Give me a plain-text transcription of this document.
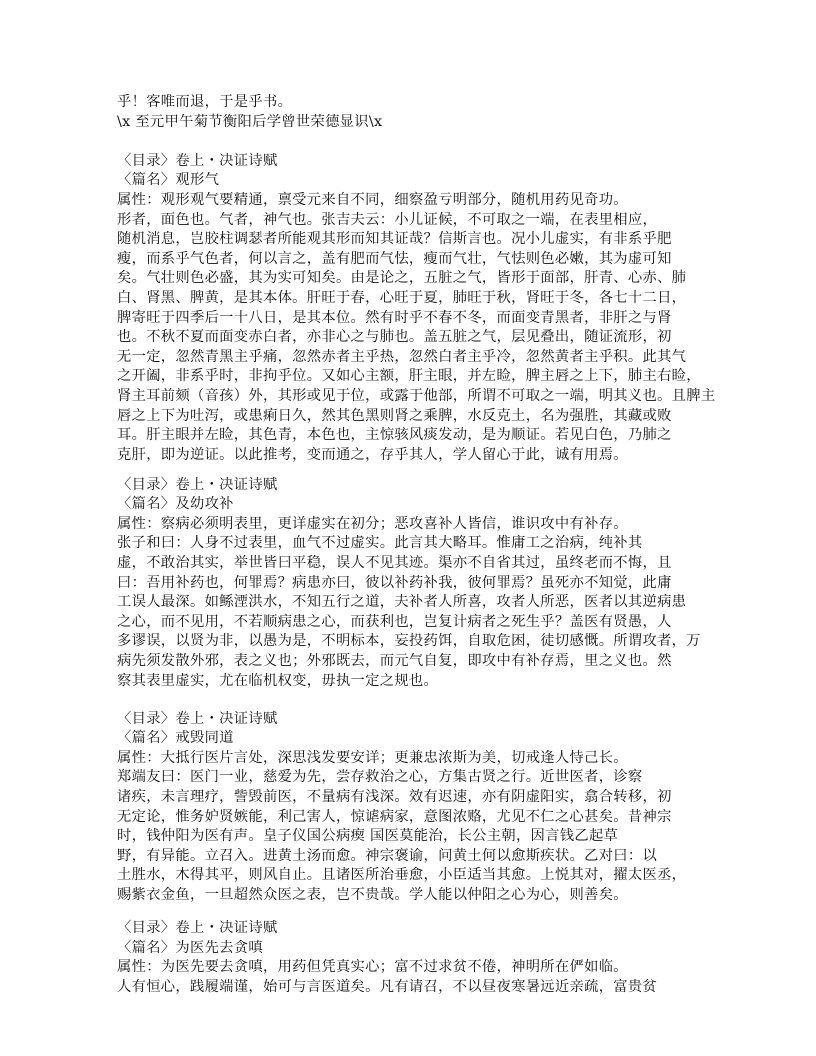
乎！客唯而退，于是乎书。
\x 至元甲午菊节衡阳后学曾世荣德显识\x
〈目录〉卷上・决证诗赋
〈篇名〉观形气
属性：观形观气要精通，禀受元来自不同，细察盈亏明部分，随机用药见奇功。
形者，面色也。气者，神气也。张吉夫云：小儿证候，不可取之一端，在表里相应，
随机消息，岂胶柱调瑟者所能观其形而知其证哉？信斯言也。况小儿虚实，有非系乎肥
瘦，而系乎气色者，何以言之，盖有肥而气怯，瘦而气壮，气怯则色必嫩，其为虚可知
矣。气壮则色必盛，其为实可知矣。由是论之，五脏之气，皆形于面部，肝青、心赤、肺
白、肾黑、脾黄，是其本体。肝旺于春，心旺于夏，肺旺于秋，肾旺于冬，各七十二日，
脾寄旺于四季后一十八日，是其本位。然有时乎不春不冬，而面变青黑者，非肝之与肾
也。不秋不夏而面变赤白者，亦非心之与肺也。盖五脏之气，层见叠出，随证流形，初
无一定，忽然青黑主乎痛，忽然赤者主乎热，忽然白者主乎冷，忽然黄者主乎积。此其气
之开阖，非系乎时，非拘乎位。又如心主额，肝主眼，并左睑，脾主唇之上下，肺主右睑，
肾主耳前颏（音孩）外，其形或见于位，或露于他部，所谓不可取之一端，明其义也。且脾主
唇之上下为吐泻，或患痢日久，然其色黑则肾之乘脾，水反克土，名为强胜，其藏或败
耳。肝主眼并左睑，其色青，本色也，主惊骇风痰发动，是为顺证。若见白色，乃肺之
克肝，即为逆证。以此推考，变而通之，存乎其人，学人留心于此，诚有用焉。
〈目录〉卷上・决证诗赋
〈篇名〉及幼攻补
属性：察病必须明表里，更详虚实在初分；恶攻喜补人皆信，谁识攻中有补存。
张子和曰：人身不过表里，血气不过虚实。此言其大略耳。惟庸工之治病，纯补其
虚，不敢治其实，举世皆曰平稳，误人不见其迹。渠亦不自省其过，虽终老而不悔，且
曰：吾用补药也，何罪焉？病患亦曰，彼以补药补我，彼何罪焉？虽死亦不知觉，此庸
工误人最深。如鲧湮洪水，不知五行之道，夫补者人所喜，攻者人所恶，医者以其逆病患
之心，而不见用，不若顺病患之心，而获利也，岂复计病者之死生乎？盖医有贤愚，人
多谬误，以贤为非，以愚为是，不明标本，妄投药饵，自取危困，徒切感慨。所谓攻者，万
病先须发散外邪，表之义也；外邪既去，而元气自复，即攻中有补存焉，里之义也。然
察其表里虚实，尤在临机权变，毋执一定之规也。
〈目录〉卷上・决证诗赋
〈篇名〉戒毁同道
属性：大抵行医片言处，深思浅发要安详；更兼忠浓斯为美，切戒逢人恃己长。
郑端友曰：医门一业，慈爱为先，尝存救治之心，方集古贤之行。近世医者，诊察
诸疾，未言理疗，訾毁前医，不量病有浅深。效有迟速，亦有阴虚阳实，翕合转移，初
无定论，惟务妒贤嫉能，利己害人，惊谑病家，意图浓赂，尤见不仁之心甚矣。昔神宗
时，钱仲阳为医有声。皇子仪国公病瘈 国医莫能治，长公主朝，因言钱乙起草
野，有异能。立召入。进黄土汤而愈。神宗褒谕，问黄土何以愈斯疾状。乙对曰：以
土胜水，木得其平，则风自止。且诸医所治垂愈，小臣适当其愈。上悦其对，擢太医丞，
赐紫衣金鱼，一旦超然众医之表，岂不贵哉。学人能以仲阳之心为心，则善矣。
〈目录〉卷上・决证诗赋
〈篇名〉为医先去贪嗔
属性：为医先要去贪嗔，用药但凭真实心；富不过求贫不倦，神明所在俨如临。
人有恒心，践履端谨，始可与言医道矣。凡有请召，不以昼夜寒暑远近亲疏，富贵贫
